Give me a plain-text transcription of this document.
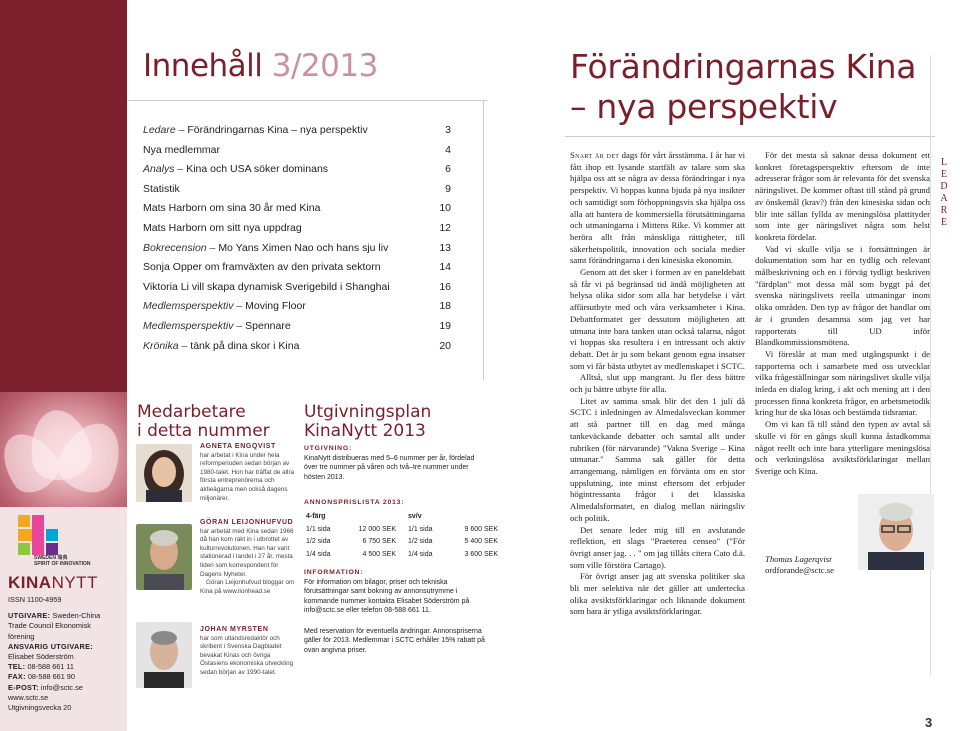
SWEDEN 瑞典
SPIRIT OF INNOVATION
KINANYTT
ISSN 1100-4959
UTGIVARE: Sweden-China Trade Council Ekonomisk förening
ANSVARIG UTGIVARE:
Elisabet Söderström
TEL: 08-588 661 11
FAX: 08-588 661 90
E-POST: info@sctc.se
www.sctc.se
Utgivningsvecka 20
Innehåll 3/2013
Ledare – Förändringarnas Kina – nya perspektiv	3
Nya medlemmar	4
Analys – Kina och USA söker dominans	6
Statistik	9
Mats Harborn om sina 30 år med Kina	10
Mats Harborn om sitt nya uppdrag	12
Bokrecension – Mo Yans Ximen Nao och hans sju liv	13
Sonja Opper om framväxten av den privata sektorn	14
Viktoria Li vill skapa dynamisk Sverigebild i Shanghai	16
Medlemsperspektiv – Moving Floor	18
Medlemsperspektiv – Spennare	19
Krönika – tänk på dina skor i Kina	20
Medarbetare
i detta nummer
AGNETA ENGQVIST
har arbetat i Kina under hela reformperioden sedan början av 1980-talet. Hon har träffat de allra första entreprenörerna och aktieägarna men också dagens miljonärer.
GÖRAN LEIJONHUFVUD
har arbetat med Kina sedan 1966 då han kom rakt in i utbrottet av kulturrevolutionen. Han har varit stationerad i landet i 27 år, mesta tiden som korrespondent för Dagens Nyheter.
Göran Leijonhufvud bloggar om Kina på www.lionhead.se
JOHAN MYRSTEN
har som utlandsredaktör och skribent i Svenska Dagbladet bevakat Kinas och övriga Östasiens ekonomiska utveckling sedan början av 1990-talet.
Utgivningsplan
KinaNytt 2013
UTGIVNING:
KinaNytt distribueras med 5–6 nummer per år, fördelad över tre nummer på våren och två–tre nummer under hösten 2013.
ANNONSPRISLISTA 2013:
4-färg		sv/v	
1/1 sida	12 000 SEK	1/1 sida	9 600 SEK
1/2 sida	6 750 SEK	1/2 sida	5 400 SEK
1/4 sida	4 500 SEK	1/4 sida	3 600 SEK
INFORMATION:
För information om bilagor, priser och tekniska förutsättningar samt bokning av annonsutrymme i kommande nummer kontakta Elisabet Söderström på info@sctc.se eller telefon 08-588 661 11.
Med reservation för eventuella ändringar. Annonspriserna gäller för 2013. Medlemmar i SCTC erhåller 15% rabatt på ovan angivna priser.
Förändringarnas Kina
– nya perspektiv
L
E
D
A
R
E

Snart är det dags för vårt årsstämma. I år har vi fått ihop ett lysande startfält av talare som ska hjälpa oss att se några av dessa förändringar i nya perspektiv. Vi hoppas kunna bjuda på nya insikter och samtidigt som förhoppningsvis ska hjälpa oss alla att hantera de kommersiella förutsättningarna och utmaningarna i Mittens Rike. Vi kommer att beröra allt från mänskliga rättigheter, till säkerhetspolitik, innovation och sociala medier samt förändringarna i den kinesiska ekonomin.

Genom att det sker i formen av en paneldebatt så får vi på begränsad tid ändå möjligheten att belysa olika sidor som alla har betydelse i vårt affärsutbyte med och våra verksamheter i Kina. Debattformatet ger dessutom möjligheten att utmana inte bara tanken utan också talarna, något vi hoppas ska resultera i en intressant och aktiv debatt. Det är ju som bekant genom egna insatser som vi får bästa utbytet av medlemskapet i SCTC.

Alltså, slut upp mangrant. Ju fler dess bättre och ju bättre utbyte för alla.

Litet av samma smak blir det den 1 juli då SCTC i inledningen av Almedalsveckan kommer att stå partner till en dag med många tankeväckande debatter och samtal allt under rubriken (för närvarande) "Vakna Sverige – Kina utmanar." Samma sak gäller för detta arrangemang, nämligen en förvänta om en stor uppslutning, inte minst eftersom det erbjuder högintressanta frågor i det klassiska Almedalsformatet, en dialog mellan näringsliv och politik.

Det senare leder mig till en avslutande reflektion, ett slags "Praeterea censeo" ("För övrigt anser jag. . . " om jag tillåts citera Cato d.ä. som ville förstöra Cartago).

För övrigt anser jag att svenska politiker ska bli mer selektiva när det gäller att undertecka olika avsiktsförklaringar och liknande dokument som bara är ytliga avsiktsförklaringar.

För det mesta så saknar dessa dokument ett konkret företagsperspektiv eftersom de inte adresserar frågor som är relevanta för det svenska näringslivet. De kommer oftast till stånd på grund av önskemål (krav?) från den kinesiska sidan och blir inte sällan fyllda av meningslösa plattityder som inte ger näringslivet några som helst konkreta fördelar.

Vad vi skulle vilja se i fortsättningen är dokumentation som har en tydlig och relevant målbeskrivning och en i förväg tydligt beskriven "färdplan" mot dessa mål som byggt på det svenska näringslivets reella utmaningar inom olika områden. Den typ av frågor det handlar om är i grunden desamma som jag vet har rapporterats till UD inför Blandkommissionsmötena.

Vi föreslår at man med utgångspunkt i de rapporterna och i samarbete med oss utvecklar vilka frågeställningar som näringslivet skulle vilja inleda en dialog kring, i akt och mening att i den processen finna konkreta frågor, en arbetsmetodik kring hur de ska lösas och bestämda tidsramar.

Om vi kan få till stånd den typen av avtal så skulle vi för en gångs skull kunna åstadkomma något reellt och inte bara ytterligare meningslösa och verkningslösa avsiktsförklaringar mellan Sverige och Kina.

Thomas Lagerqvist
ordforande@sctc.se
3
